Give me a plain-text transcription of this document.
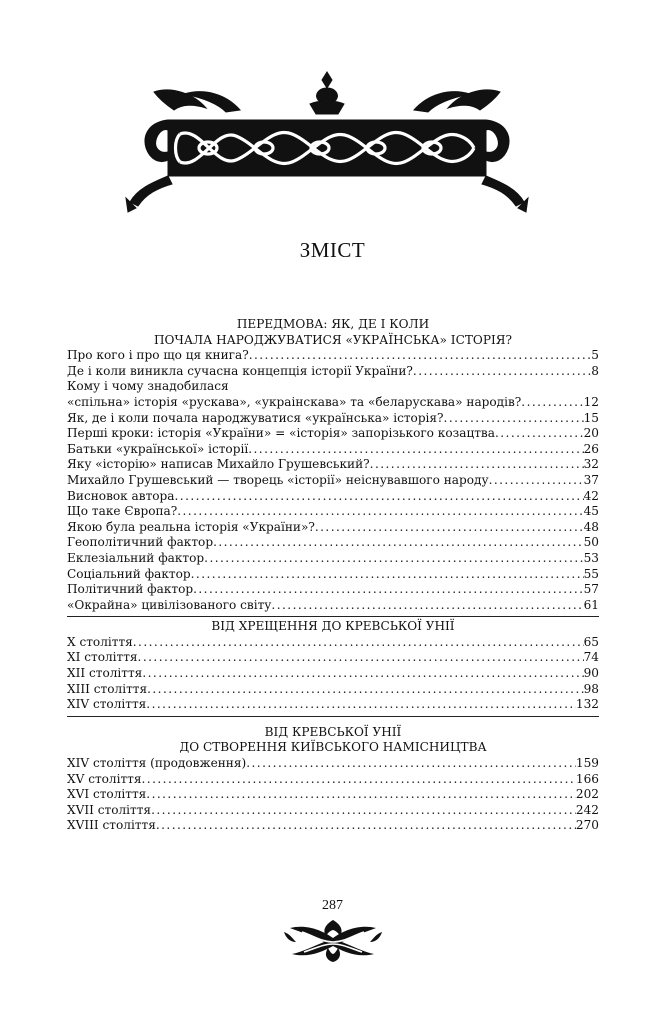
ЗМІСТ
ПЕРЕДМОВА: ЯК, ДЕ І КОЛИ
ПОЧАЛА НАРОДЖУВАТИСЯ «УКРАЇНСЬКА» ІСТОРІЯ?
Про кого і про що ця книга? . . .	5
Де і коли виникла сучасна концепція історії України? . . .	8
Кому і чому знадобилася
«спільна» історія «рускава», «украінскава» та «беларускава» народів? . . .	12
Як, де і коли почала народжуватися «українська» історія? . . .	15
Перші кроки: історія «України» = «історія» запорізького козацтва . . .	20
Батьки «української» історії . . .	26
Яку «історію» написав Михайло Грушевський? . . .	32
Михайло Грушевський — творець «історії» неіснувавшого народу . . .	37
Висновок автора . . .	42
Що таке Європа? . . .	45
Якою була реальна історія «України»? . . .	48
Геополітичний фактор . . .	50
Еклезіальний фактор . . .	53
Соціальний фактор . . .	55
Політичний фактор . . .	57
«Окрайна» цивілізованого світу . . .	61
ВІД ХРЕЩЕННЯ ДО КРЕВСЬКОЇ УНІЇ
X століття . . .	65
XI століття . . .	74
XII століття . . .	90
XIII століття . . .	98
XIV століття . . .	132
ВІД КРЕВСЬКОЇ УНІЇ
ДО СТВОРЕННЯ КИЇВСЬКОГО НАМІСНИЦТВА
XIV століття (продовження) . . .	159
XV століття . . .	166
XVI століття . . .	202
XVII століття . . .	242
XVIII століття . . .	270
287
